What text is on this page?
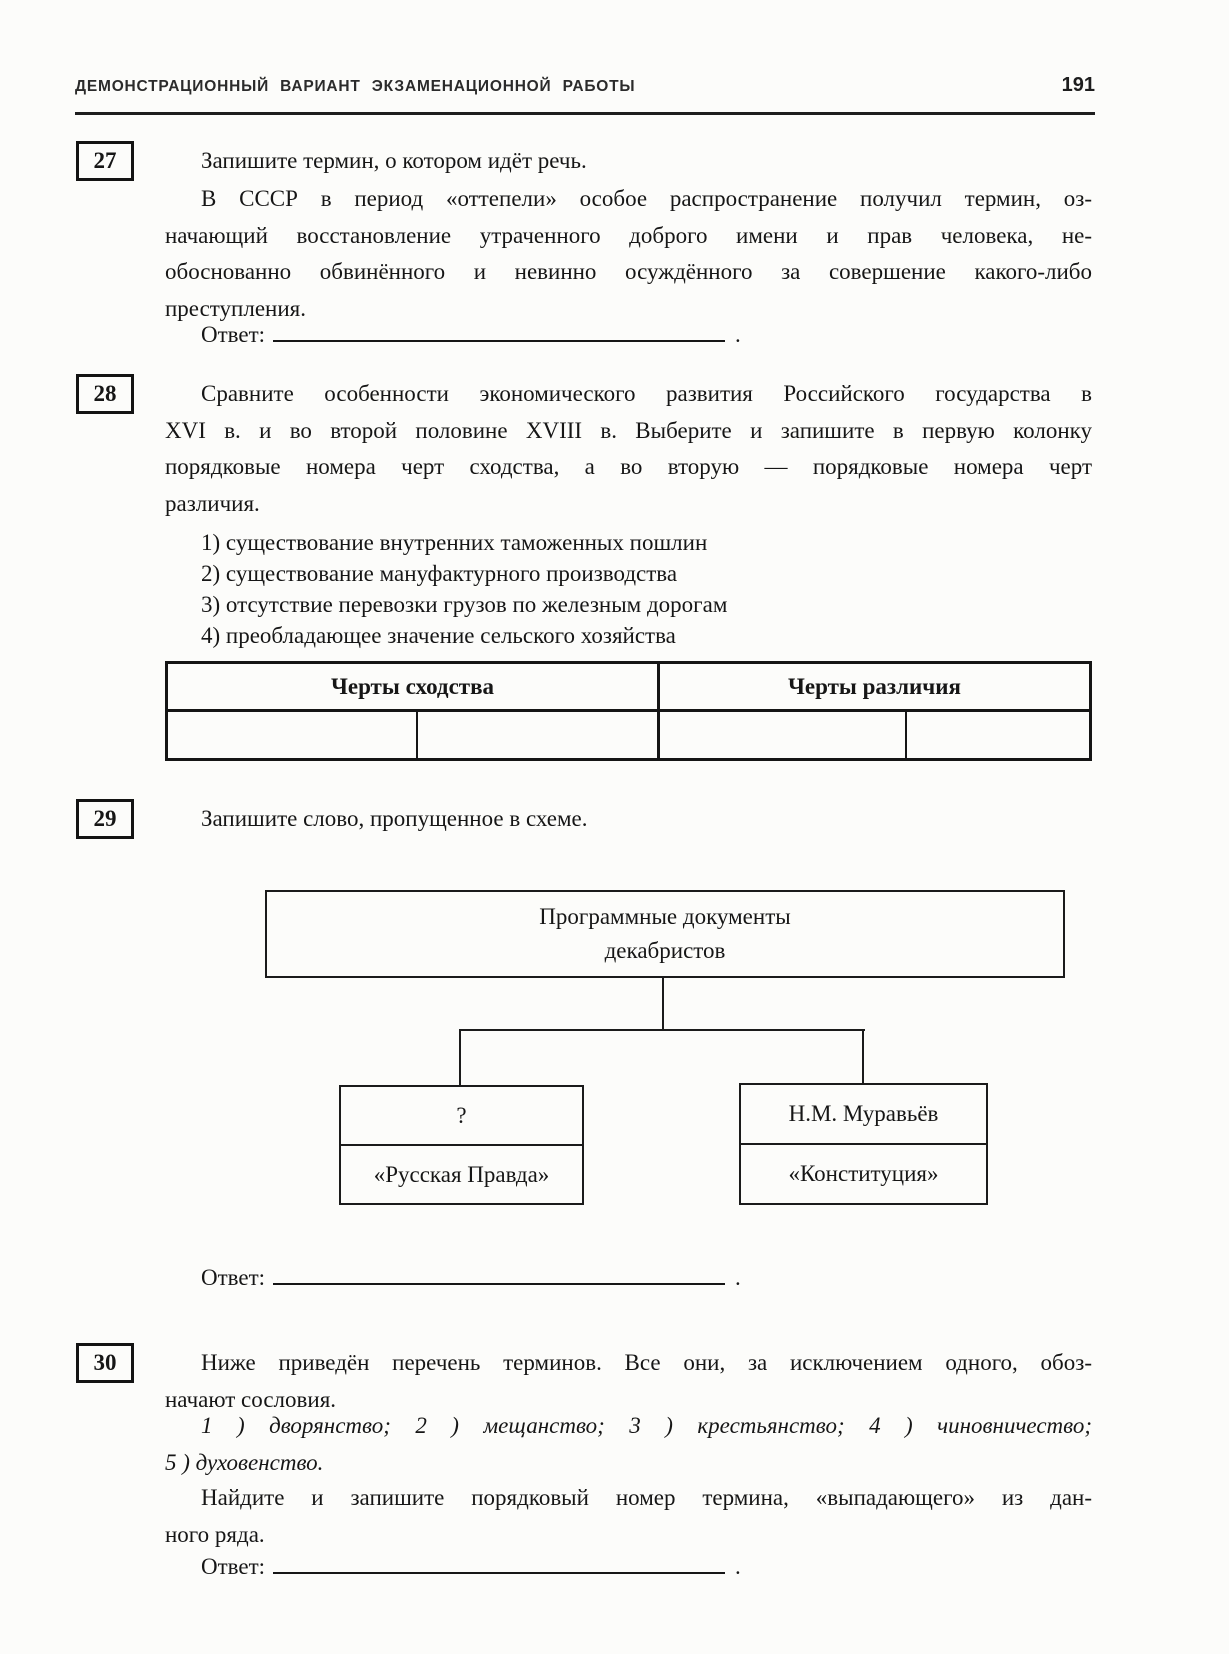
ДЕМОНСТРАЦИОННЫЙ ВАРИАНТ ЭКЗАМЕНАЦИОННОЙ РАБОТЫ	191
27	Запишите термин, о котором идёт речь.
В СССР в период «оттепели» особое распространение получил термин, оз-
начающий восстановление утраченного доброго имени и прав человека, не-
обоснованно обвинённого и невинно осуждённого за совершение какого-либо
преступления.
Ответ:	.
28	Сравните особенности экономического развития Российского государства в
XVI в. и во второй половине XVIII в. Выберите и запишите в первую колонку
порядковые номера черт сходства, а во вторую — порядковые номера черт
различия.
1) существование внутренних таможенных пошлин
2) существование мануфактурного производства
3) отсутствие перевозки грузов по железным дорогам
4) преобладающее значение сельского хозяйства
Черты сходства	Черты различия
29	Запишите слово, пропущенное в схеме.
Программные документы
декабристов
?
«Русская Правда»
Н.М. Муравьёв
«Конституция»
Ответ:	.
30	Ниже приведён перечень терминов. Все они, за исключением одного, обоз-
начают сословия.
1 ) дворянство; 2 ) мещанство; 3 ) крестьянство; 4 ) чиновничество;
5 ) духовенство.
Найдите и запишите порядковый номер термина, «выпадающего» из дан-
ного ряда.
Ответ:	.
